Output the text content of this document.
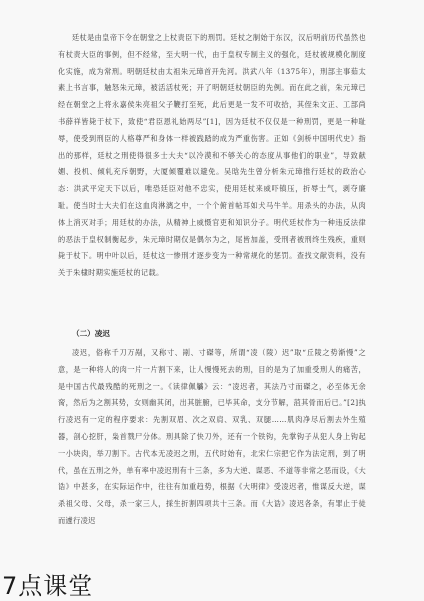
廷杖是由皇帝下令在朝堂之上杖责臣下的刑罚。廷杖之制始于东汉，汉后明前历代虽然也有杖责大臣的事例，但不经常，至大明一代，由于皇权专制主义的强化，廷杖被规模化制度化实施，成为常刑。明朝廷杖由太祖朱元璋首开先河。洪武八年（1375年），刑部主事茹太素上书言事，触怒朱元璋，被活活杖死；开了明朝廷杖朝臣的先例。而在此之前，朱元璋已经在朝堂之上将永嘉侯朱亮祖父子鞭打至死，此后更是一发不可收拾，其侄朱文正、工部尚书薛祥皆毙于杖下，致使“君臣恩礼始两尽”[1]，因为廷杖不仅仅是一种刑罚，更是一种耻辱，使受到刑臣的人格尊严和身体一样被践踏的成为严重伤害。正如《剑桥中国明代史》指出的那样，廷杖之刑使得很多士大夫“以冷漠和不够关心的态度从事他们的职业”，导致献媚、投机、倾轧充斥朝野，大厦倾覆难以避免。吴晗先生曾分析朱元璋推行廷杖的政治心态：洪武平定天下以后，唯恐廷臣对他不忠实，使用廷杖来威吓镇压，折辱士气，剥夺廉耻。使当时士大夫们在这血肉淋漓之中，一个个俯首帖耳如犬马牛羊。用杀头的办法，从肉体上消灭对手；用廷杖的办法，从精神上威慑官吏和知识分子。明代廷杖作为一种违反法律的恶法于皇权制衡起步，朱元璋时期仅是偶尔为之，尾皆加盖，受刑者被刑终生残疾，重则毙于杖下。明中叶以后，廷杖这一惨刑才逐步变为一种常规化的惩罚。查找文献资料，没有关于朱棣时期实施廷杖的记载。

（二）凌迟

凌迟，俗称千刀万剐，又称寸、剐、寸磔等，所谓“凌（陵）迟”取“丘陵之势渐慢”之意，是一种将人的肉一片一片割下来，让人慢慢死去的刑，目的是为了加重受刑人的痛苦，是中国古代最残酷的死刑之一。《读律佩觿》云：“凌迟者，其法乃寸而磔之，必至体无余脔，然后为之割其势，女则幽其闭，出其脏腑，已毕其命，支分节解，菹其骨而后已。”[2]执行凌迟有一定的程序要求：先割双眉、次之双肩、双乳、双腿……肌肉净尽后割去外生殖器，剖心挖肝，枭首戮尸分体。刑具除了快刀外，还有一个铁钩，先掌钩子从犯人身上钩起一小块肉，举刀割下。古代本无凌迟之刑，五代时始有，北宋仁宗把它作为法定刑，到了明代，虽在五刑之外，单有率中凌迟刑有十三条，多为大逆、谋恶、不道等非常之恶而设，《大诰》中甚多，在实际运作中，往往有加重趋势，根据《大明律》受凌迟者，惟谋反大逆，谋杀祖父母、父母，杀一家三人，採生折割四项共十三条。而《大诰》凌迟各条，有罪止于徒而遽行凌迟

7点课堂
